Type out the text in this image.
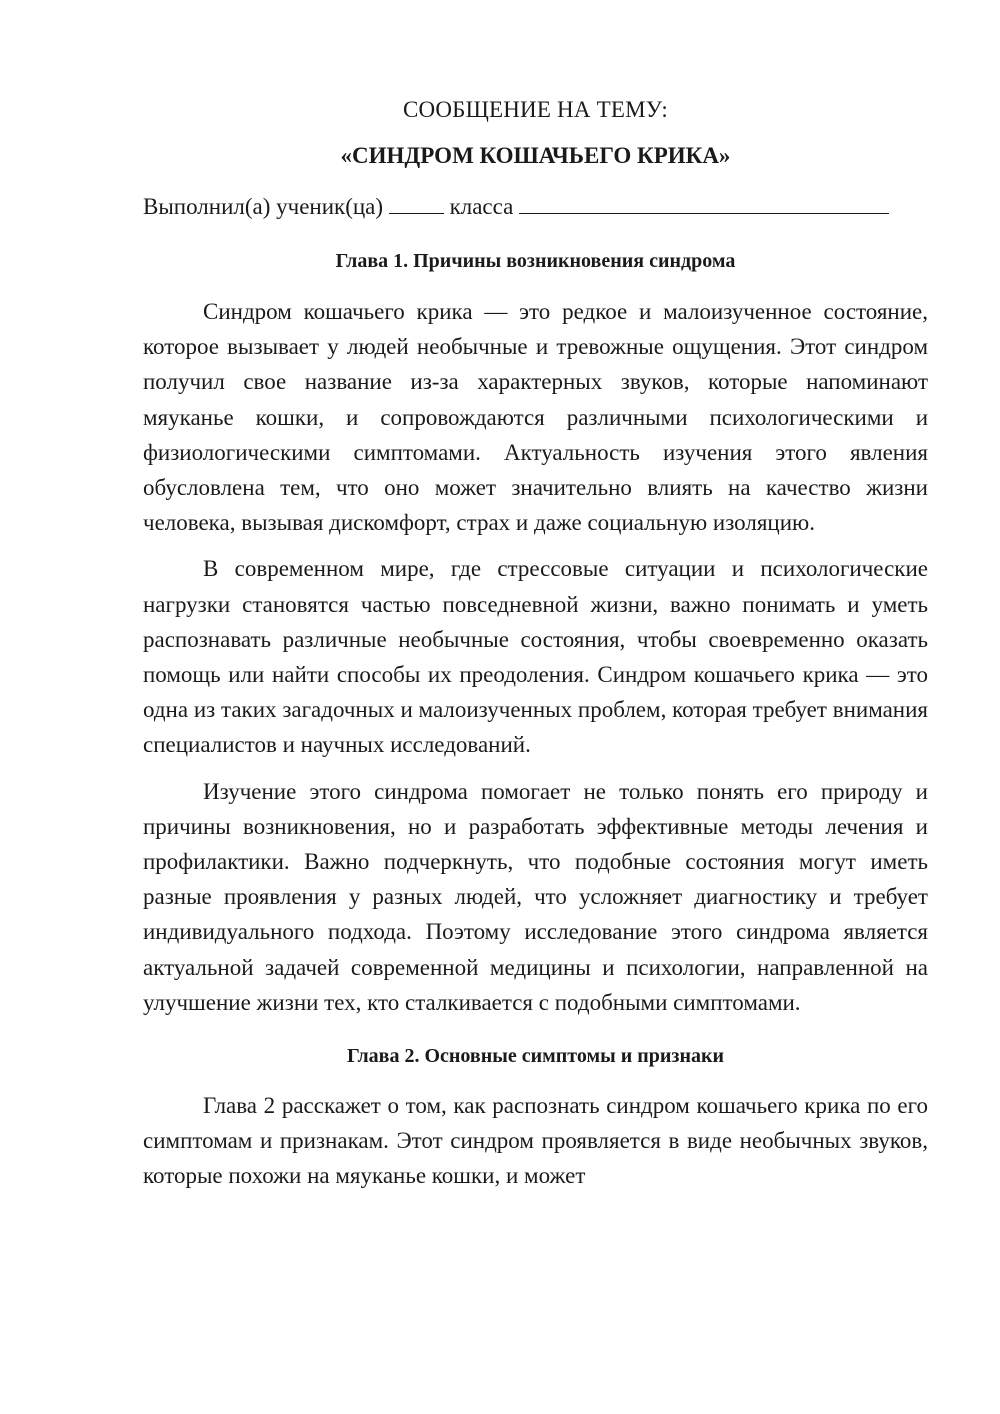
СООБЩЕНИЕ НА ТЕМУ:
«СИНДРОМ КОШАЧЬЕГО КРИКА»
Выполнил(а) ученик(ца)	класса
Глава 1. Причины возникновения синдрома

Синдром кошачьего крика — это редкое и малоизученное состояние, которое вызывает у людей необычные и тревожные ощущения. Этот синдром получил свое название из-за характерных звуков, которые напоминают мяуканье кошки, и сопровождаются различными психологическими и физиологическими симптомами. Актуальность изучения этого явления обусловлена тем, что оно может значительно влиять на качество жизни человека, вызывая дискомфорт, страх и даже социальную изоляцию.

В современном мире, где стрессовые ситуации и психологические нагрузки становятся частью повседневной жизни, важно понимать и уметь распознавать различные необычные состояния, чтобы своевременно оказать помощь или найти способы их преодоления. Синдром кошачьего крика — это одна из таких загадочных и малоизученных проблем, которая требует внимания специалистов и научных исследований.

Изучение этого синдрома помогает не только понять его природу и причины возникновения, но и разработать эффективные методы лечения и профилактики. Важно подчеркнуть, что подобные состояния могут иметь разные проявления у разных людей, что усложняет диагностику и требует индивидуального подхода. Поэтому исследование этого синдрома является актуальной задачей современной медицины и психологии, направленной на улучшение жизни тех, кто сталкивается с подобными симптомами.

Глава 2. Основные симптомы и признаки

Глава 2 расскажет о том, как распознать синдром кошачьего крика по его симптомам и признакам. Этот синдром проявляется в виде необычных звуков, которые похожи на мяуканье кошки, и может
